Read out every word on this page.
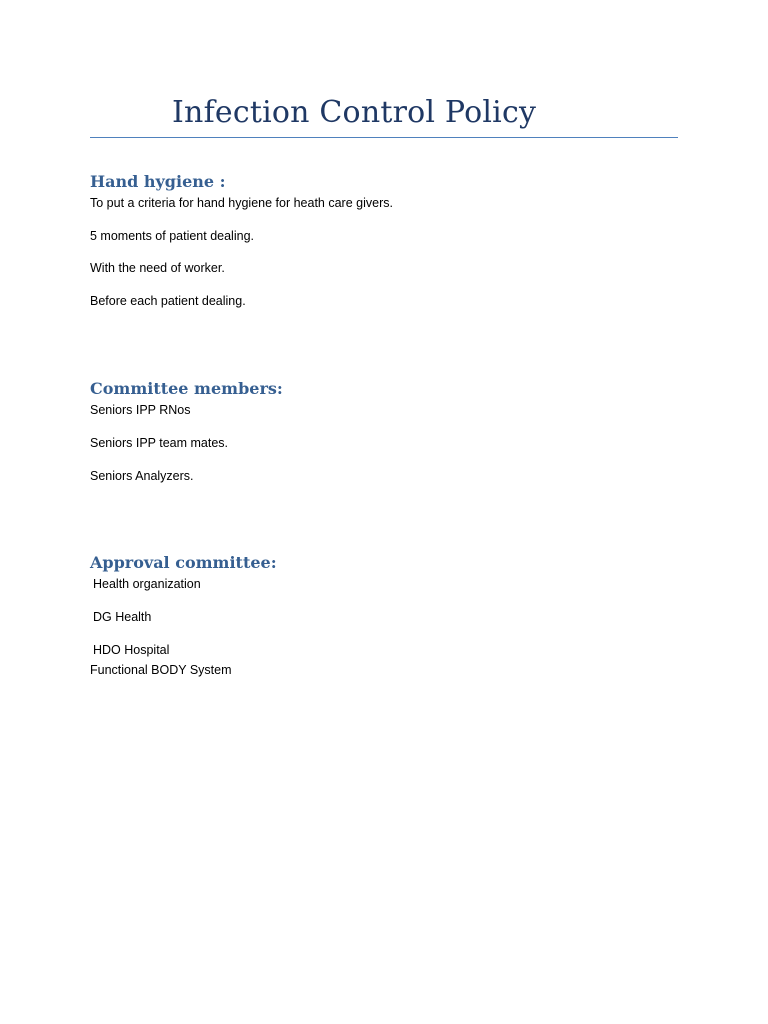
Infection Control Policy
Hand hygiene :

To put a criteria for hand hygiene for heath care givers.

5 moments of patient dealing.

With the need of worker.

Before each patient dealing.

Committee members:

Seniors IPP RNos

Seniors IPP team mates.

Seniors Analyzers.

Approval committee:

Health organization

DG Health

HDO Hospital

Functional BODY System
